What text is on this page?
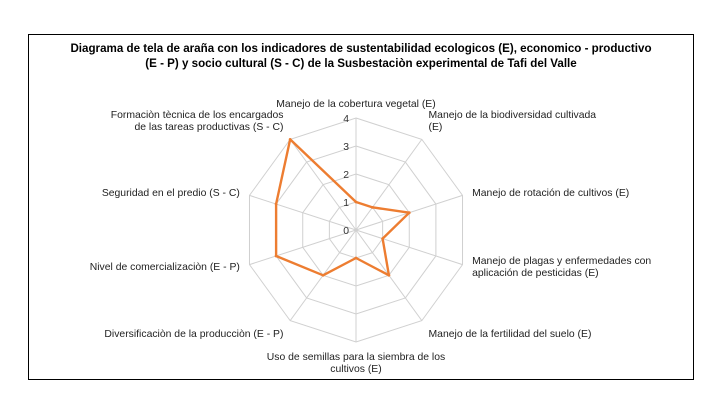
Diagrama de tela de araña con los indicadores de sustentabilidad ecologicos (E), economico - productivo
(E - P) y socio cultural (S - C) de la Susbestaciòn experimental de Tafi del Valle
0
1
2
3
4
Manejo de la cobertura vegetal (E)
Manejo de la biodiversidad cultivada (E)
Manejo de rotación de cultivos (E)
Manejo de plagas y enfermedades con aplicación de pesticidas (E)
Manejo de la fertilidad del suelo (E)
Uso de semillas para la siembra de los cultivos (E)
Diversificaciòn de la producciòn (E - P)
Nivel de comercializaciòn (E - P)
Seguridad en el predio (S - C)
Formaciòn tècnica de los encargados de las tareas productivas (S - C)
